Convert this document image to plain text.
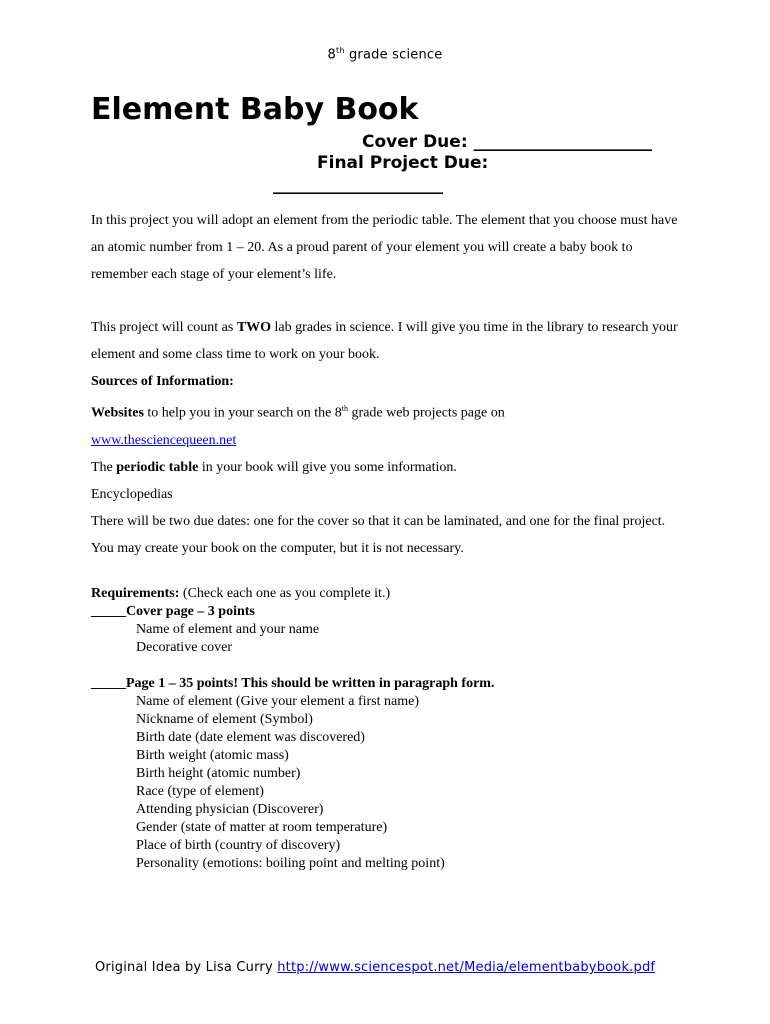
8th grade science
Element Baby Book
Cover Due: _____________________
Final Project Due:
____________________

In this project you will adopt an element from the periodic table. The element that you choose must have an atomic number from 1 – 20. As a proud parent of your element you will create a baby book to remember each stage of your element’s life.

This project will count as TWO lab grades in science. I will give you time in the library to research your element and some class time to work on your book.
Sources of Information:
Websites to help you in your search on the 8th grade web projects page on
www.thesciencequeen.net
The periodic table in your book will give you some information.
Encyclopedias
There will be two due dates: one for the cover so that it can be laminated, and one for the final project. You may create your book on the computer, but it is not necessary.
Requirements: (Check each one as you complete it.)
_____Cover page – 3 points
Name of element and your name
Decorative cover
_____Page 1 – 35 points! This should be written in paragraph form.
Name of element (Give your element a first name)
Nickname of element (Symbol)
Birth date (date element was discovered)
Birth weight (atomic mass)
Birth height (atomic number)
Race (type of element)
Attending physician (Discoverer)
Gender (state of matter at room temperature)
Place of birth (country of discovery)
Personality (emotions: boiling point and melting point)
Original Idea by Lisa Curry http://www.sciencespot.net/Media/elementbabybook.pdf
